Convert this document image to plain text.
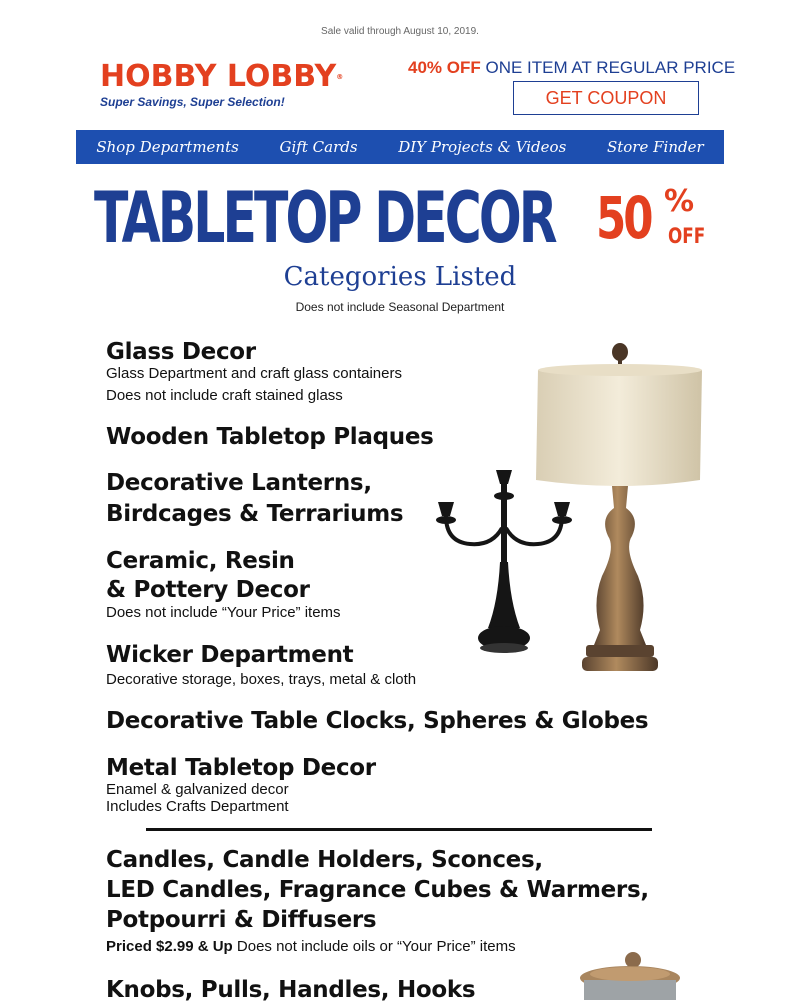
Sale valid through August 10, 2019.
HOBBY LOBBY®
Super Savings, Super Selection!
40% OFF ONE ITEM AT REGULAR PRICE
GET COUPON
Shop Departments	Gift Cards	DIY Projects & Videos	Store Finder
TABLETOP DECOR 50 %
OFF
Categories Listed
Does not include Seasonal Department
Glass Decor
Glass Department and craft glass containers
Does not include craft stained glass
Wooden Tabletop Plaques
Decorative Lanterns,
Birdcages & Terrariums
Ceramic, Resin
& Pottery Decor
Does not include “Your Price” items
Wicker Department
Decorative storage, boxes, trays, metal & cloth
Decorative Table Clocks, Spheres & Globes
Metal Tabletop Decor
Enamel & galvanized decor
Includes Crafts Department
Candles, Candle Holders, Sconces,
LED Candles, Fragrance Cubes & Warmers,
Potpourri & Diffusers
Priced $2.99 & Up Does not include oils or “Your Price” items
Knobs, Pulls, Handles, Hooks
